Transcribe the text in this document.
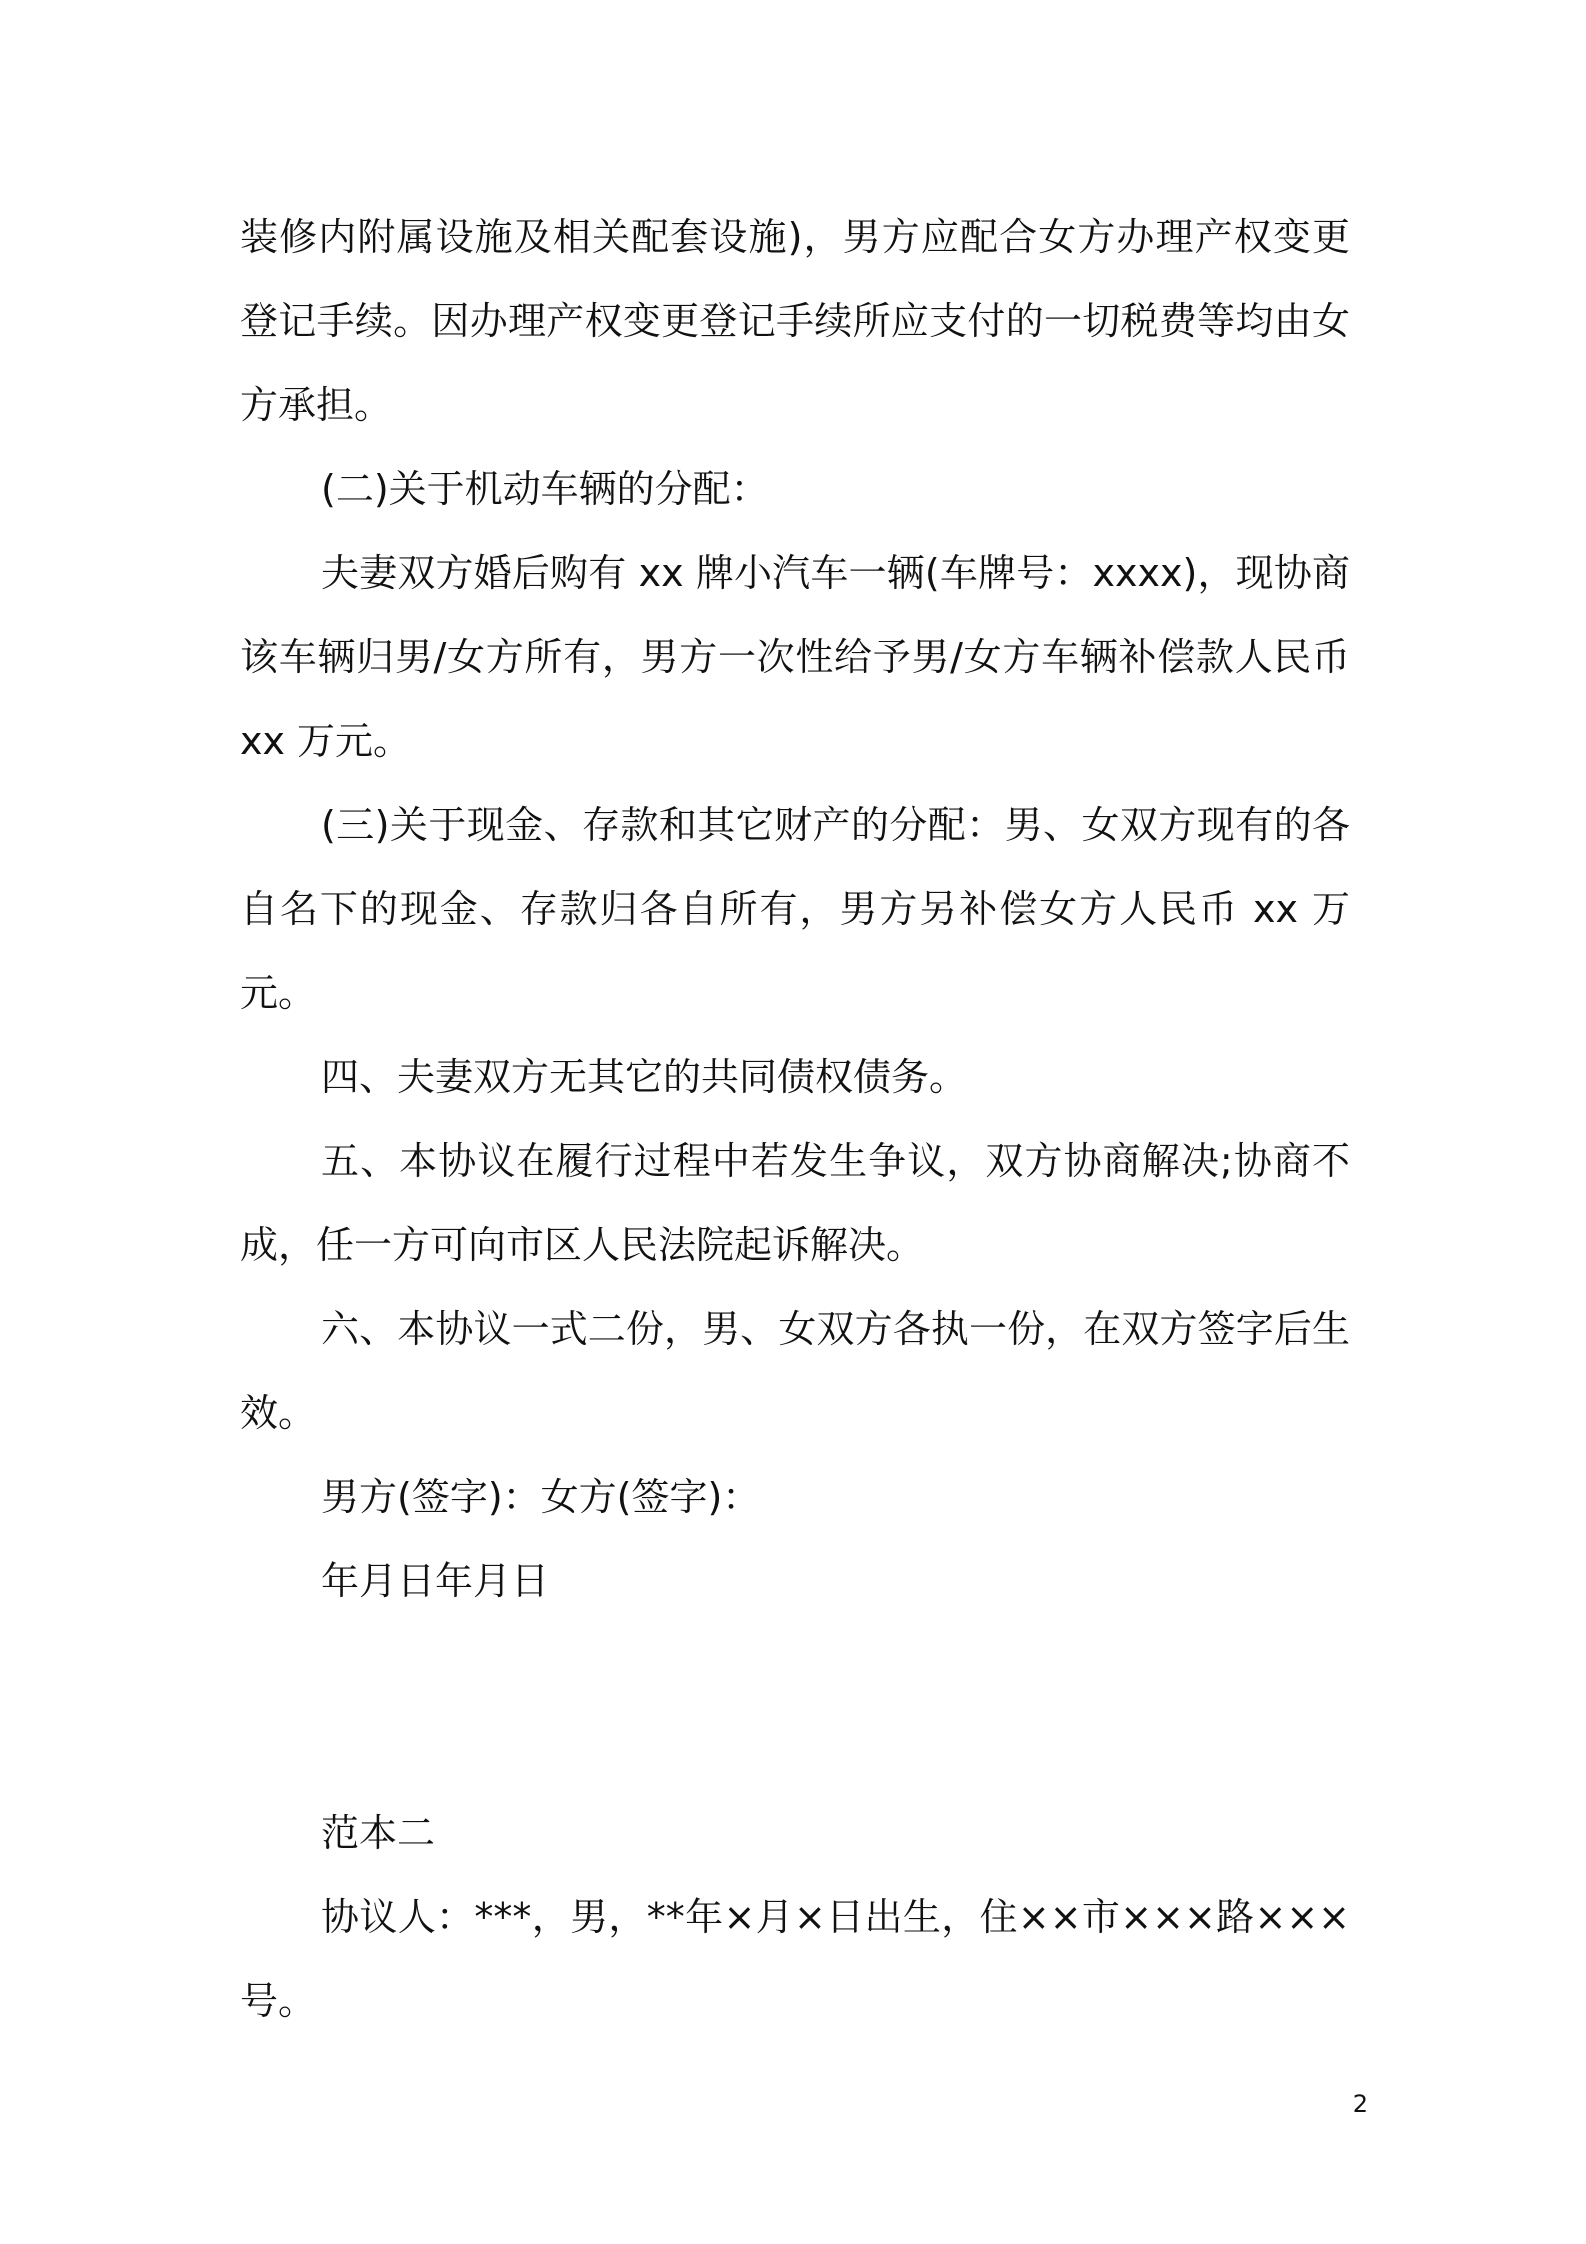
装修内附属设施及相关配套设施)，男方应配合女方办理产权变更登记手续。因办理产权变更登记手续所应支付的一切税费等均由女方承担。

(二)关于机动车辆的分配：

夫妻双方婚后购有 xx 牌小汽车一辆(车牌号：xxxx)，现协商该车辆归男/女方所有，男方一次性给予男/女方车辆补偿款人民币 xx 万元。

(三)关于现金、存款和其它财产的分配：男、女双方现有的各自名下的现金、存款归各自所有，男方另补偿女方人民币 xx 万元。

四、夫妻双方无其它的共同债权债务。

五、本协议在履行过程中若发生争议，双方协商解决;协商不成，任一方可向市区人民法院起诉解决。

六、本协议一式二份，男、女双方各执一份，在双方签字后生效。

男方(签字)：女方(签字)：

年月日年月日

范本二

协议人：***，男，**年×月×日出生，住××市×××路×××号。

2
